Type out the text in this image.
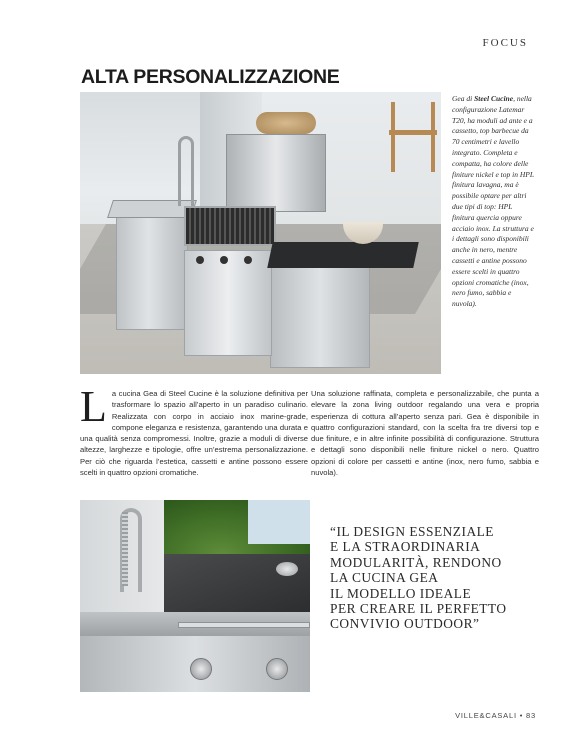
FOCUS
ALTA PERSONALIZZAZIONE

Gea di Steel Cucine, nella configurazione Latemar T20, ha moduli ad ante e a cassetto, top barbecue da 70 centimetri e lavello integrato. Completa e compatta, ha colore delle finiture nickel e top in HPL finitura lavagna, ma è possibile optare per altri due tipi di top: HPL finitura quercia oppure acciaio inox. La struttura e i dettagli sono disponibili anche in nero, mentre cassetti e antine possono essere scelti in quattro opzioni cromatiche (inox, nero fumo, sabbia e nuvola).

La cucina Gea di Steel Cucine è la soluzione definitiva per trasformare lo spazio all’aperto in un paradiso culinario. Realizzata con corpo in acciaio inox marine-grade, compone eleganza e resistenza, garantendo una durata e una qualità senza compromessi. Inoltre, grazie a moduli di diverse altezze, larghezze e tipologie, offre un’estrema personalizzazione. Per ciò che riguarda l’estetica, cassetti e antine possono essere scelti in quattro opzioni cromatiche.

Una soluzione raffinata, completa e personalizzabile, che punta a elevare la zona living outdoor regalando una vera e propria esperienza di cottura all’aperto senza pari. Gea è disponibile in quattro configurazioni standard, con la scelta fra tre diversi top e due finiture, e in altre infinite possibilità di configurazione. Struttura e dettagli sono disponibili nelle finiture nickel o nero. Quattro opzioni di colore per cassetti e antine (inox, nero fumo, sabbia e nuvola).

“IL DESIGN ESSENZIALE
E LA STRAORDINARIA
MODULARITÀ, RENDONO
LA CUCINA GEA
IL MODELLO IDEALE
PER CREARE IL PERFETTO
CONVIVIO OUTDOOR”
VILLE&CASALI • 83
